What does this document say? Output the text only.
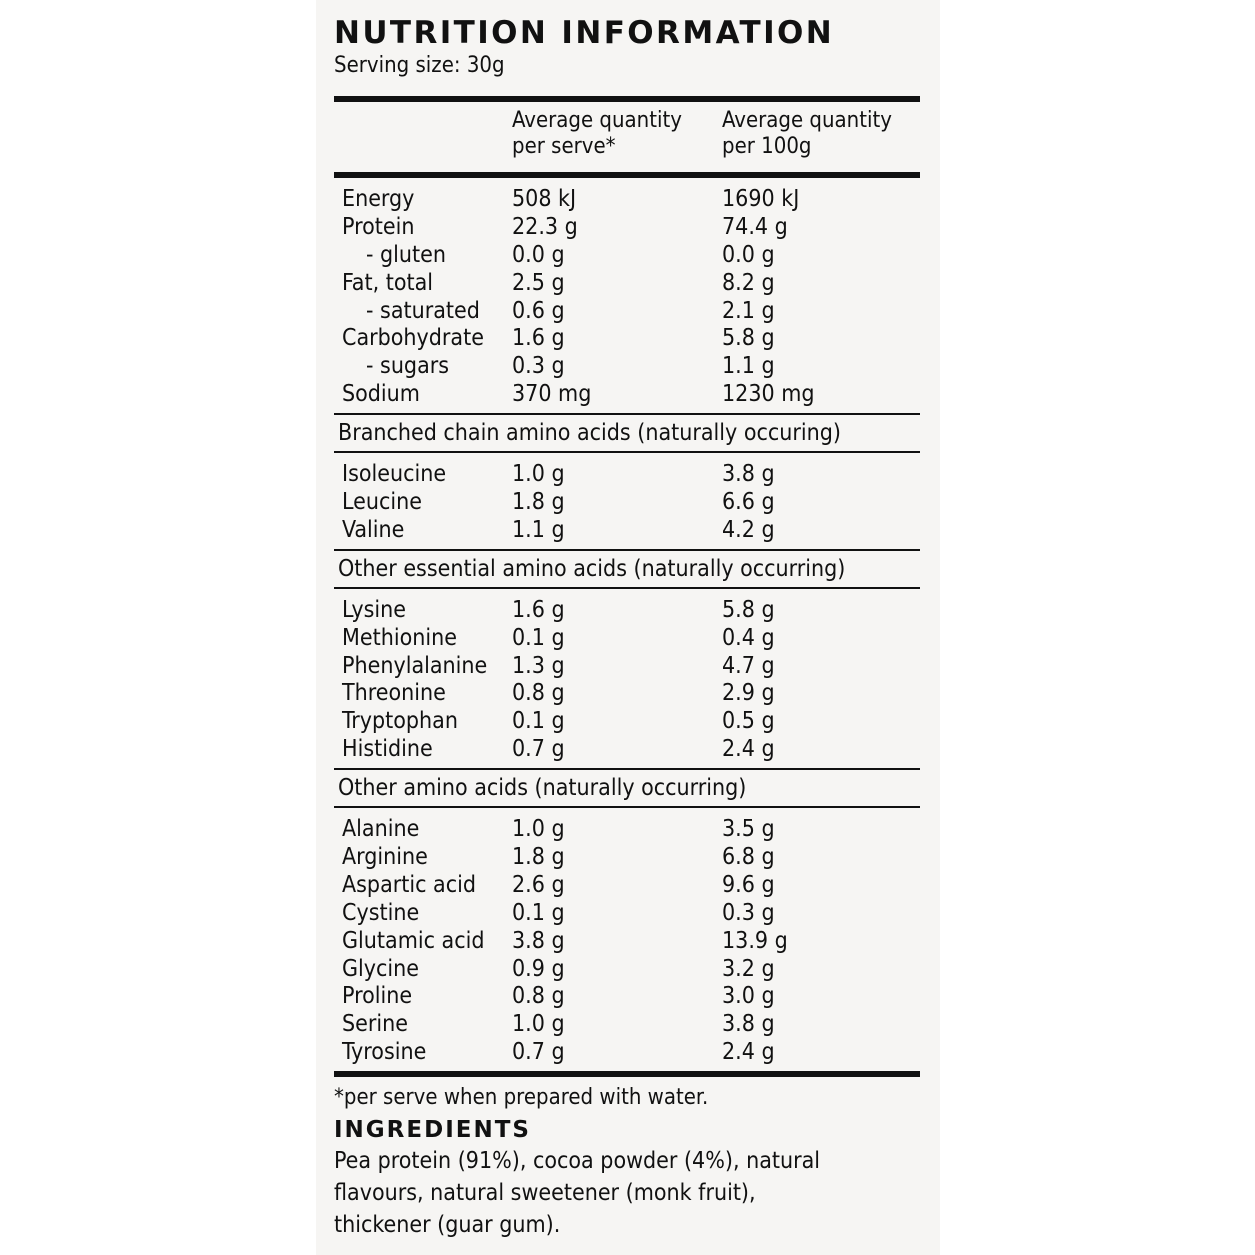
NUTRITION INFORMATION
Serving size: 30g
Average quantity
per serve*
Average quantity
per 100g
Energy	508 kJ	1690 kJ
Protein	22.3 g	74.4 g
- gluten	0.0 g	0.0 g
Fat, total	2.5 g	8.2 g
- saturated	0.6 g	2.1 g
Carbohydrate	1.6 g	5.8 g
- sugars	0.3 g	1.1 g
Sodium	370 mg	1230 mg
Branched chain amino acids (naturally occuring)
Isoleucine	1.0 g	3.8 g
Leucine	1.8 g	6.6 g
Valine	1.1 g	4.2 g
Other essential amino acids (naturally occurring)
Lysine	1.6 g	5.8 g
Methionine	0.1 g	0.4 g
Phenylalanine	1.3 g	4.7 g
Threonine	0.8 g	2.9 g
Tryptophan	0.1 g	0.5 g
Histidine	0.7 g	2.4 g
Other amino acids (naturally occurring)
Alanine	1.0 g	3.5 g
Arginine	1.8 g	6.8 g
Aspartic acid	2.6 g	9.6 g
Cystine	0.1 g	0.3 g
Glutamic acid	3.8 g	13.9 g
Glycine	0.9 g	3.2 g
Proline	0.8 g	3.0 g
Serine	1.0 g	3.8 g
Tyrosine	0.7 g	2.4 g
*per serve when prepared with water.
INGREDIENTS
Pea protein (91%), cocoa powder (4%), natural
flavours, natural sweetener (monk fruit),
thickener (guar gum).
